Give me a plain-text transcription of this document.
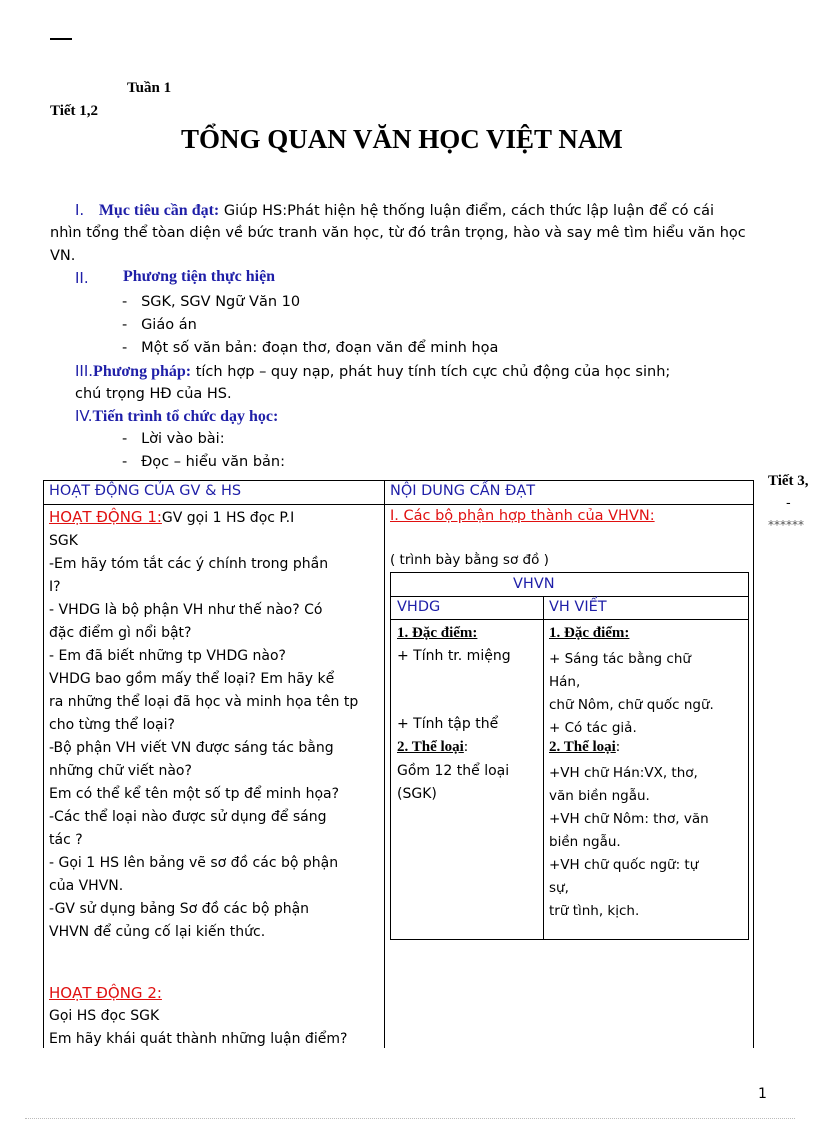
Tuần 1
Tiết 1,2
TỔNG QUAN VĂN HỌC VIỆT NAM
I. Mục tiêu cần đạt: Giúp HS:Phát hiện hệ thống luận điểm, cách thức lập luận để có cái
nhìn tổng thể tòan diện về bức tranh văn học, từ đó trân trọng, hào và say mê tìm hiểu văn học
VN.
II. Phương tiện thực hiện
-   SGK, SGV Ngữ Văn 10
-   Giáo án
-   Một số văn bản: đoạn thơ, đoạn văn để minh họa
III.Phương pháp: tích hợp – quy nạp, phát huy tính tích cực chủ động của học sinh;
chú trọng HĐ của HS.
IV.Tiến trình tổ chức dạy học:
-   Lời vào bài:
-   Đọc – hiểu văn bản:
Tiết 3,
-
******
HOẠT ĐỘNG CỦA GV & HS	NỘI DUNG CẦN ĐẠT
HOẠT ĐỘNG 1:GV gọi 1 HS đọc P.I
SGK
-Em hãy tóm tắt các ý chính trong phần
I?
- VHDG là bộ phận VH như thế nào? Có
đặc điểm gì nổi bật?
- Em đã biết những tp VHDG nào?
VHDG bao gồm mấy thể loại? Em hãy kể
ra những thể loại đã học và minh họa tên tp
cho từng thể loại?
-Bộ phận VH viết VN được sáng tác bằng
những chữ viết nào?
Em có thể kể tên một số tp để minh họa?
-Các thể loại nào được sử dụng để sáng
tác ?
- Gọi 1 HS lên bảng vẽ sơ đồ các bộ phận
của VHVN.
-GV sử dụng bảng Sơ đồ các bộ phận
VHVN để củng cố lại kiến thức.
HOẠT ĐỘNG 2:
Gọi HS đọc SGK
Em hãy khái quát thành những luận điểm?
I. Các bộ phận hợp thành của VHVN:
( trình bày bằng sơ đồ )
VHVN
VHDG	VH VIẾT
1. Đặc điểm:
+ Tính tr. miệng
+ Tính tập thể
2. Thể loại:
Gồm 12 thể loại
(SGK)
1. Đặc điểm:
+ Sáng tác bằng chữ
Hán,
chữ Nôm, chữ quốc ngữ.
+ Có tác giả.
2. Thể loại:
+VH chữ Hán:VX, thơ,
văn biền ngẫu.
+VH chữ Nôm: thơ, văn
biền ngẫu.
+VH chữ quốc ngữ: tự
sự,
trữ tình, kịch.
1
